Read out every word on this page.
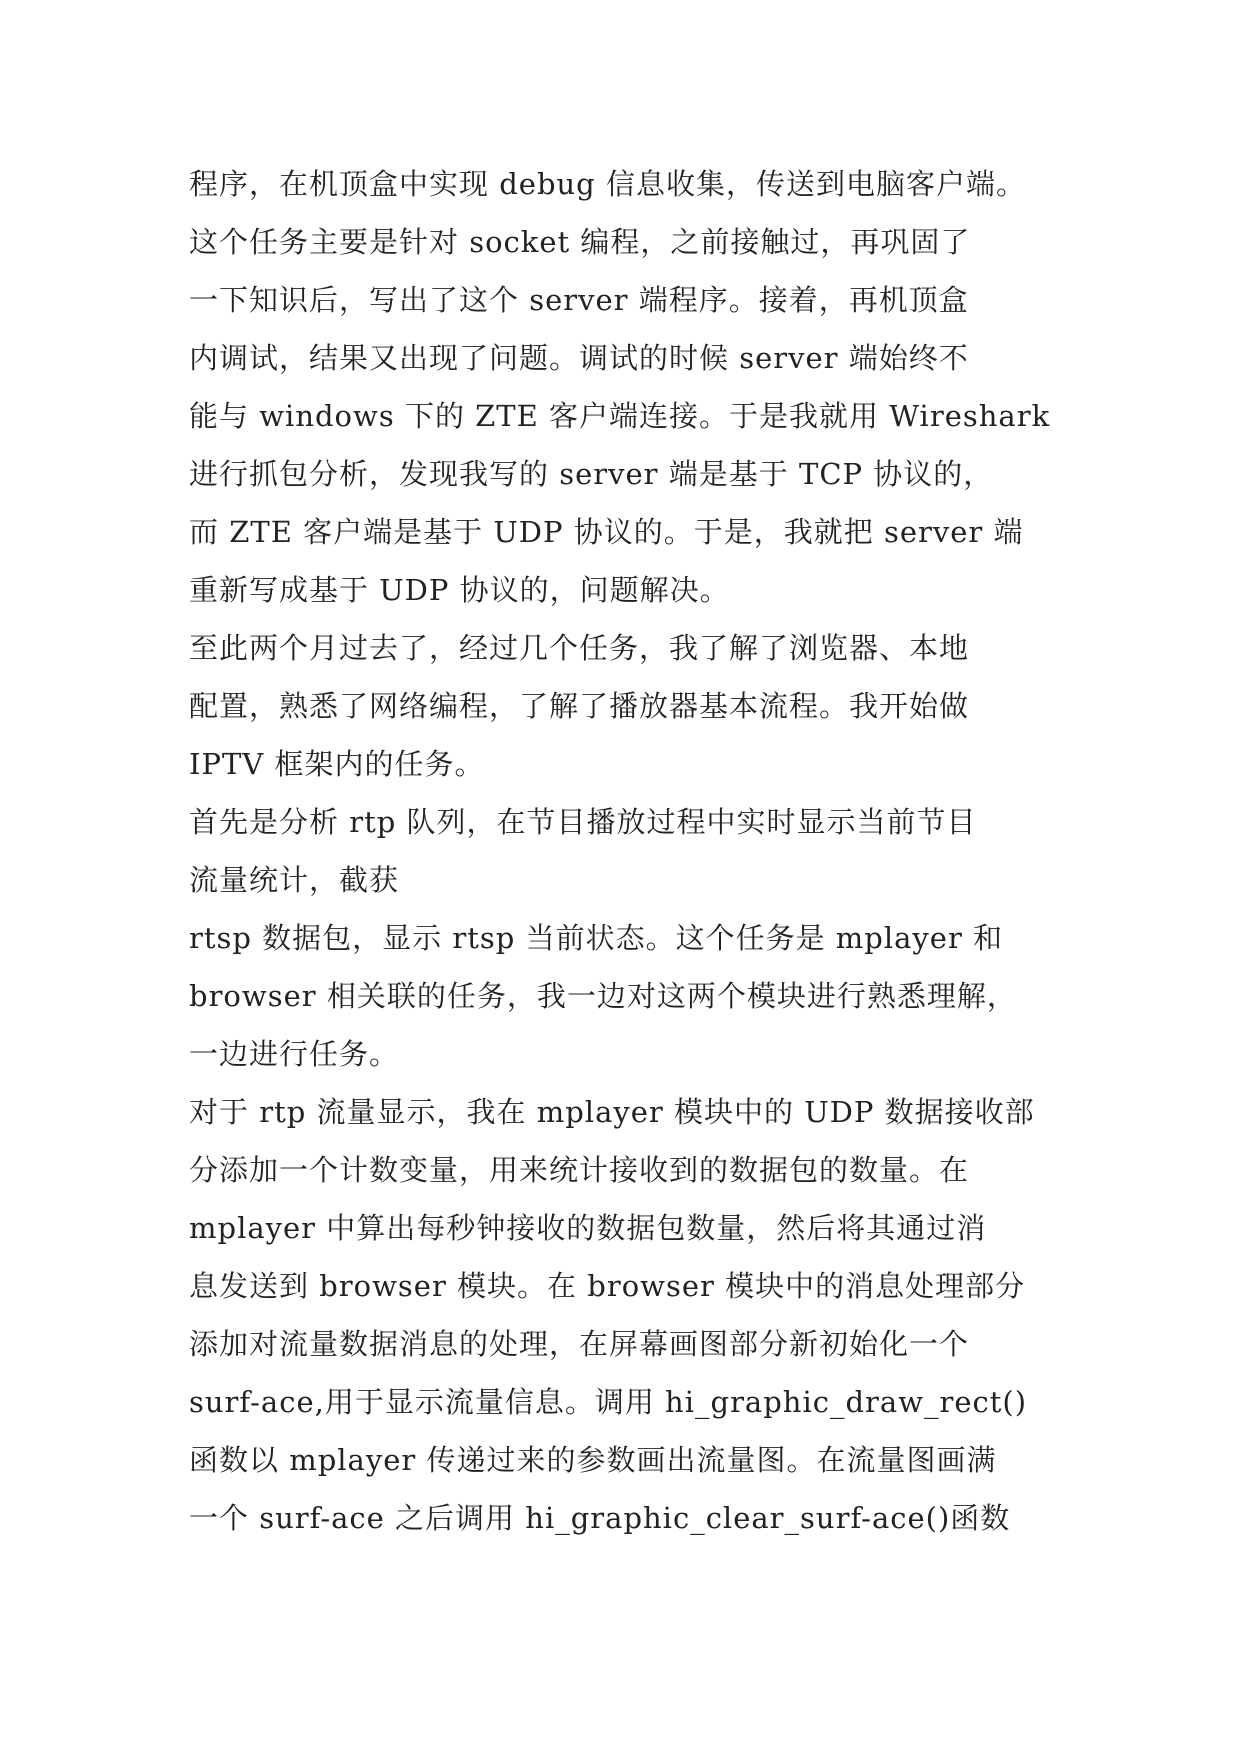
程序，在机顶盒中实现 debug 信息收集，传送到电脑客户端。
这个任务主要是针对 socket 编程，之前接触过，再巩固了
一下知识后，写出了这个 server 端程序。接着，再机顶盒
内调试，结果又出现了问题。调试的时候 server 端始终不
能与 windows 下的 ZTE 客户端连接。于是我就用 Wireshark
进行抓包分析，发现我写的 server 端是基于 TCP 协议的，
而 ZTE 客户端是基于 UDP 协议的。于是，我就把 server 端
重新写成基于 UDP 协议的，问题解决。
至此两个月过去了，经过几个任务，我了解了浏览器、本地
配置，熟悉了网络编程，了解了播放器基本流程。我开始做
IPTV 框架内的任务。
首先是分析 rtp 队列，在节目播放过程中实时显示当前节目
流量统计，截获
rtsp 数据包，显示 rtsp 当前状态。这个任务是 mplayer 和
browser 相关联的任务，我一边对这两个模块进行熟悉理解，
一边进行任务。
对于 rtp 流量显示，我在 mplayer 模块中的 UDP 数据接收部
分添加一个计数变量，用来统计接收到的数据包的数量。在
mplayer 中算出每秒钟接收的数据包数量，然后将其通过消
息发送到 browser 模块。在 browser 模块中的消息处理部分
添加对流量数据消息的处理，在屏幕画图部分新初始化一个
surf-ace,用于显示流量信息。调用 hi_graphic_draw_rect()
函数以 mplayer 传递过来的参数画出流量图。在流量图画满
一个 surf-ace 之后调用 hi_graphic_clear_surf-ace()函数
